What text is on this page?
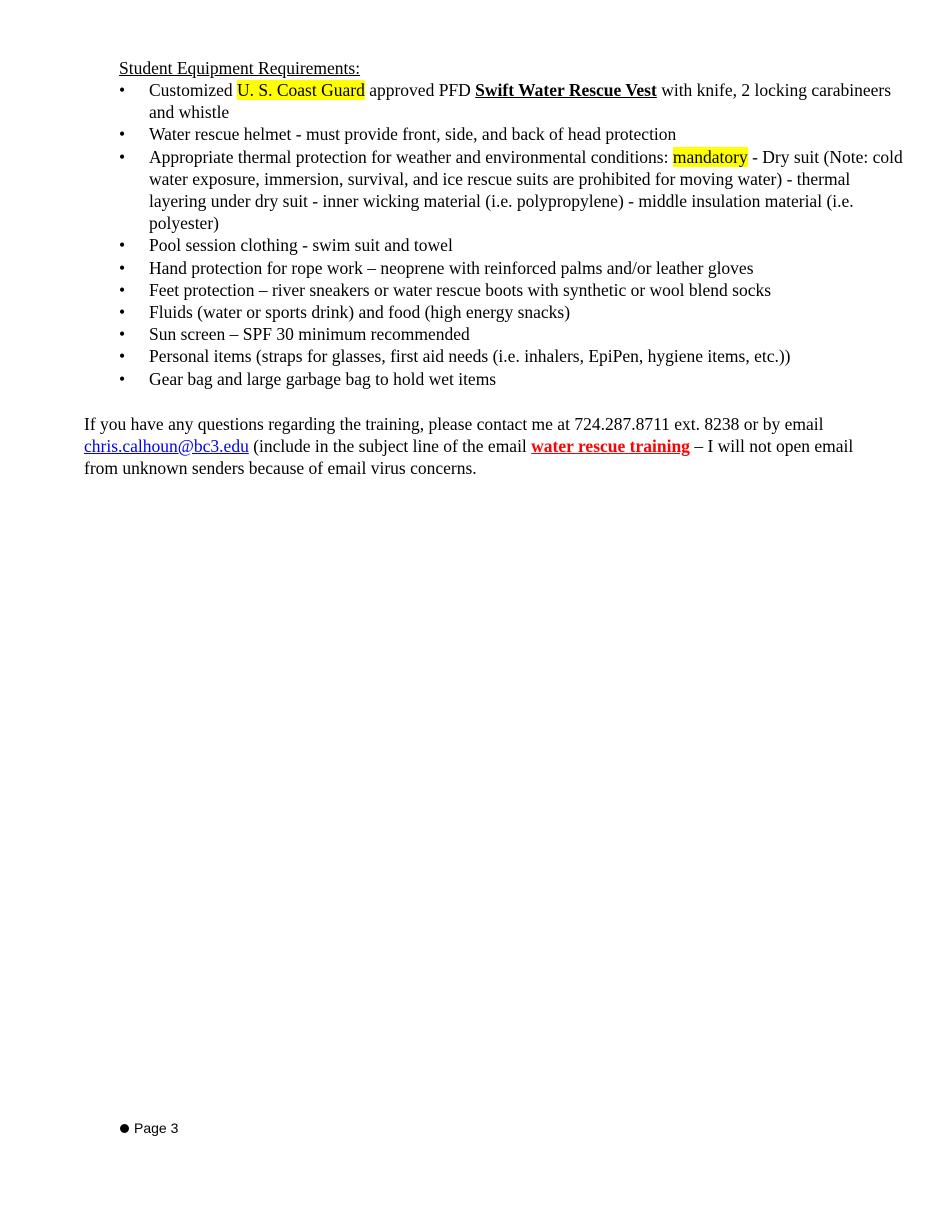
Student Equipment Requirements:
•	Customized U. S. Coast Guard approved PFD Swift Water Rescue Vest with knife, 2 locking carabineers and whistle
•	Water rescue helmet - must provide front, side, and back of head protection
•	Appropriate thermal protection for weather and environmental conditions: mandatory - Dry suit (Note: cold water exposure, immersion, survival, and ice rescue suits are prohibited for moving water) - thermal layering under dry suit - inner wicking material (i.e. polypropylene) - middle insulation material (i.e. polyester)
•	Pool session clothing - swim suit and towel
•	Hand protection for rope work – neoprene with reinforced palms and/or leather gloves
•	Feet protection – river sneakers or water rescue boots with synthetic or wool blend socks
•	Fluids (water or sports drink) and food (high energy snacks)
•	Sun screen – SPF 30 minimum recommended
•	Personal items (straps for glasses, first aid needs (i.e. inhalers, EpiPen, hygiene items, etc.))
•	Gear bag and large garbage bag to hold wet items

If you have any questions regarding the training, please contact me at 724.287.8711 ext. 8238 or by email chris.calhoun@bc3.edu (include in the subject line of the email water rescue training – I will not open email from unknown senders because of email virus concerns.

Page 3
